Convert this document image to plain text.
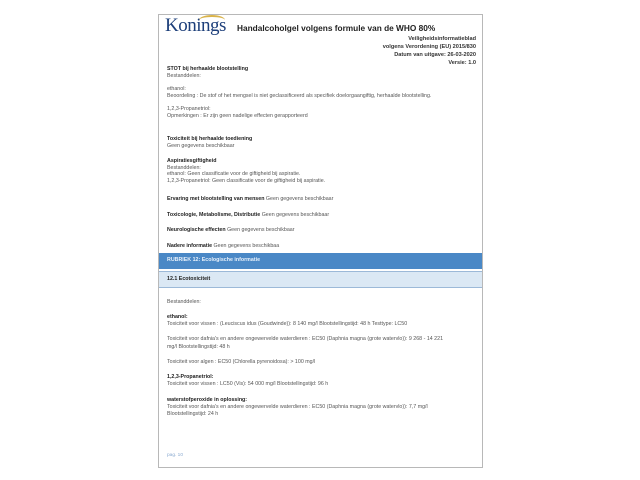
Konings Handalcoholgel volgens formule van de WHO 80%
Veiligheidsinformatieblad
volgens Verordening (EU) 2015/830
Datum van uitgave: 26-03-2020
Versie: 1.0
STOT bij herhaalde blootstelling
Bestanddelen:
ethanol:
Beoordeling : De stof of het mengsel is niet geclassificeerd als specifiek doelorgaangiftig, herhaalde blootstelling.
1,2,3-Propanetriol:
Opmerkingen : Er zijn geen nadelige effecten gerapporteerd
Toxiciteit bij herhaalde toediening
Geen gegevens beschikbaar
Aspiratiesgiftigheid
Bestanddelen:
ethanol: Geen classificatie voor de giftigheid bij aspiratie.
1,2,3-Propanetriol: Geen classificatie voor de giftigheid bij aspiratie.
Ervaring met blootstelling van mensen Geen gegevens beschikbaar
Toxicologie, Metabolisme, Distributie Geen gegevens beschikbaar
Neurologische effecten Geen gegevens beschikbaar
Nadere informatie Geen gegevens beschikbaa
RUBRIEK 12: Ecologische informatie
12.1 Ecotoxiciteit
Bestanddelen:
ethanol:
Toxiciteit voor vissen : (Leuciscus idus (Goudwinde)): 8 140 mg/l Blootstellingstijd: 48 h Testtype: LC50
Toxiciteit voor dafnia's en andere ongewervelde waterdieren : EC50 (Daphnia magna (grote watervlo)): 9 268 - 14 221
mg/l Blootstellingstijd: 48 h
Toxiciteit voor algen : EC50 (Chlorella pyrenoidosa): > 100 mg/l
1,2,3-Propanetriol:
Toxiciteit voor vissen : LC50 (Vis): 54 000 mg/l Blootstellingstijd: 96 h
waterstofperoxide in oplossing:
Toxiciteit voor dafnia's en andere ongewervelde waterdieren : EC50 (Daphnia magna (grote watervlo)): 7,7 mg/l
Blootstellingstijd: 24 h
pag. 10
